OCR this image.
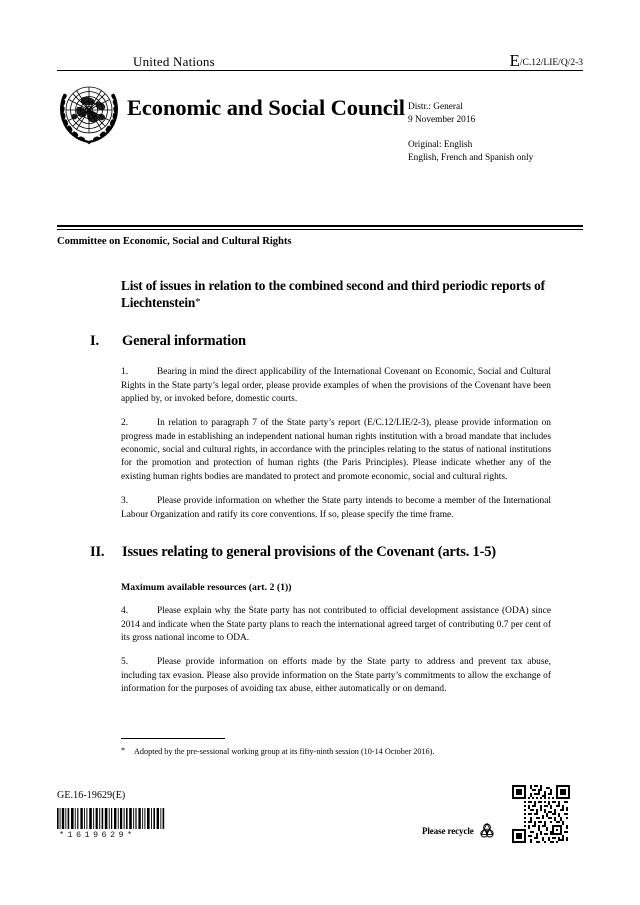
United Nations	E/C.12/LIE/Q/2-3
Economic and Social Council Distr.: General
9 November 2016
Original: English
English, French and Spanish only
Committee on Economic, Social and Cultural Rights
List of issues in relation to the combined second and third periodic reports of Liechtenstein*
I.	General information
1.	Bearing in mind the direct applicability of the International Covenant on Economic, Social and Cultural Rights in the State party’s legal order, please provide examples of when the provisions of the Covenant have been applied by, or invoked before, domestic courts.
2.	In relation to paragraph 7 of the State party’s report (E/C.12/LIE/2-3), please provide information on progress made in establishing an independent national human rights institution with a broad mandate that includes economic, social and cultural rights, in accordance with the principles relating to the status of national institutions for the promotion and protection of human rights (the Paris Principles). Please indicate whether any of the existing human rights bodies are mandated to protect and promote economic, social and cultural rights.
3.	Please provide information on whether the State party intends to become a member of the International Labour Organization and ratify its core conventions. If so, please specify the time frame.
II.	Issues relating to general provisions of the Covenant (arts. 1-5)
Maximum available resources (art. 2 (1))
4.	Please explain why the State party has not contributed to official development assistance (ODA) since 2014 and indicate when the State party plans to reach the international agreed target of contributing 0.7 per cent of its gross national income to ODA.
5.	Please provide information on efforts made by the State party to address and prevent tax abuse, including tax evasion. Please also provide information on the State party’s commitments to allow the exchange of information for the purposes of avoiding tax abuse, either automatically or on demand.
* Adopted by the pre-sessional working group at its fifty-ninth session (10-14 October 2016).
GE.16-19629(E)
*1619629*	Please recycle
